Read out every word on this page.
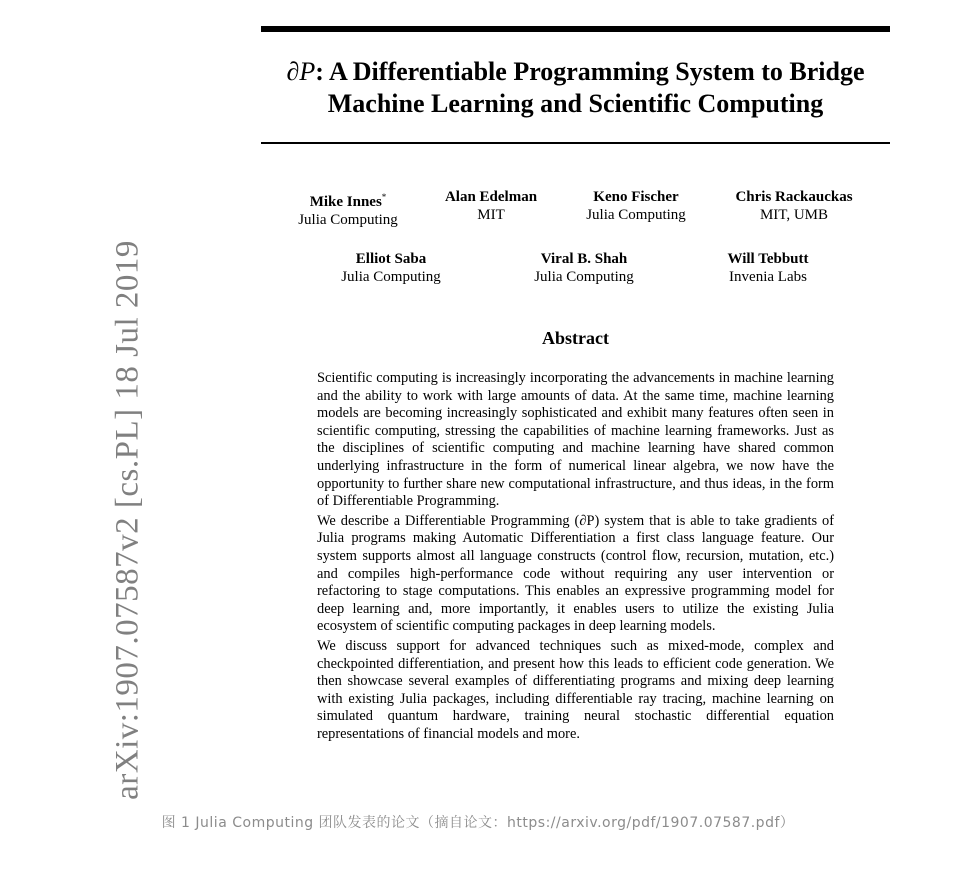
arXiv:1907.07587v2 [cs.PL] 18 Jul 2019
∂P: A Differentiable Programming System to Bridge
Machine Learning and Scientific Computing
Mike Innes*
Julia Computing
Alan Edelman
MIT
Keno Fischer
Julia Computing
Chris Rackauckas
MIT, UMB
Elliot Saba
Julia Computing
Viral B. Shah
Julia Computing
Will Tebbutt
Invenia Labs
Abstract

Scientific computing is increasingly incorporating the advancements in machine learning and the ability to work with large amounts of data. At the same time, machine learning models are becoming increasingly sophisticated and exhibit many features often seen in scientific computing, stressing the capabilities of machine learning frameworks. Just as the disciplines of scientific computing and machine learning have shared common underlying infrastructure in the form of numerical linear algebra, we now have the opportunity to further share new computational infrastructure, and thus ideas, in the form of Differentiable Programming.

We describe a Differentiable Programming (∂P) system that is able to take gradients of Julia programs making Automatic Differentiation a first class language feature. Our system supports almost all language constructs (control flow, recursion, mutation, etc.) and compiles high-performance code without requiring any user intervention or refactoring to stage computations. This enables an expressive programming model for deep learning and, more importantly, it enables users to utilize the existing Julia ecosystem of scientific computing packages in deep learning models.

We discuss support for advanced techniques such as mixed-mode, complex and checkpointed differentiation, and present how this leads to efficient code generation. We then showcase several examples of differentiating programs and mixing deep learning with existing Julia packages, including differentiable ray tracing, machine learning on simulated quantum hardware, training neural stochastic differential equation representations of financial models and more.

图 1 Julia Computing 团队发表的论文（摘自论文：https://arxiv.org/pdf/1907.07587.pdf）
